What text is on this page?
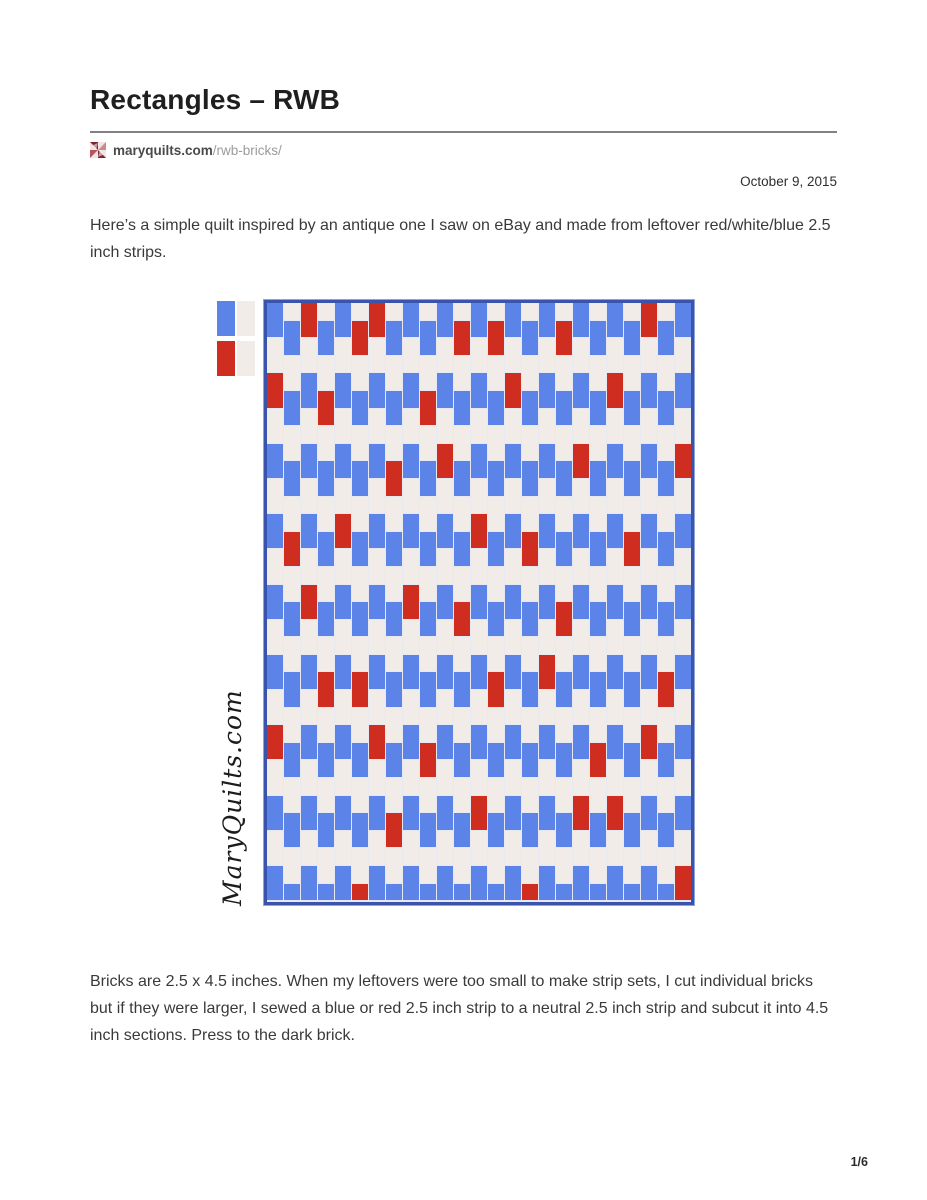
Rectangles – RWB
maryquilts.com/rwb-bricks/
October 9, 2015

Here’s a simple quilt inspired by an antique one I saw on eBay and made from leftover red/white/blue 2.5 inch strips.

MaryQuilts.com

Bricks are 2.5 x 4.5 inches. When my leftovers were too small to make strip sets, I cut individual bricks but if they were larger, I sewed a blue or red 2.5 inch strip to a neutral 2.5 inch strip and subcut it into 4.5 inch sections. Press to the dark brick.

1/6
